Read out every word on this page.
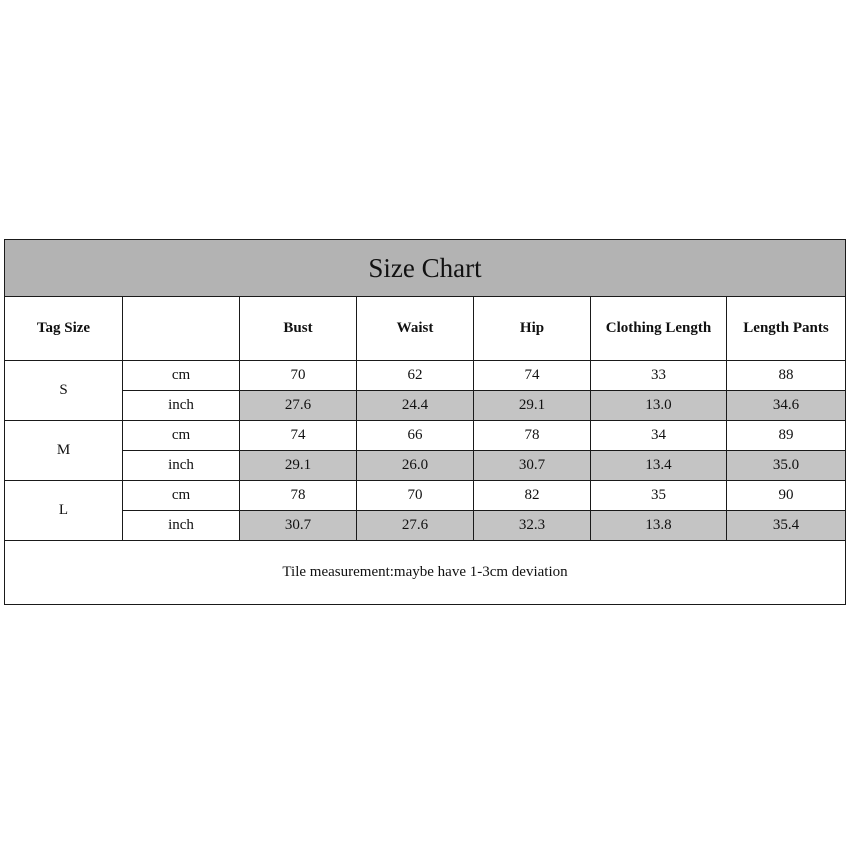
Size Chart						
Tag Size		Bust	Waist	Hip	Clothing Length	Length Pants
S	cm	70	62	74	33	88
	inch	27.6	24.4	29.1	13.0	34.6
M	cm	74	66	78	34	89
	inch	29.1	26.0	30.7	13.4	35.0
L	cm	78	70	82	35	90
	inch	30.7	27.6	32.3	13.8	35.4
Tile measurement:maybe have 1-3cm deviation						
